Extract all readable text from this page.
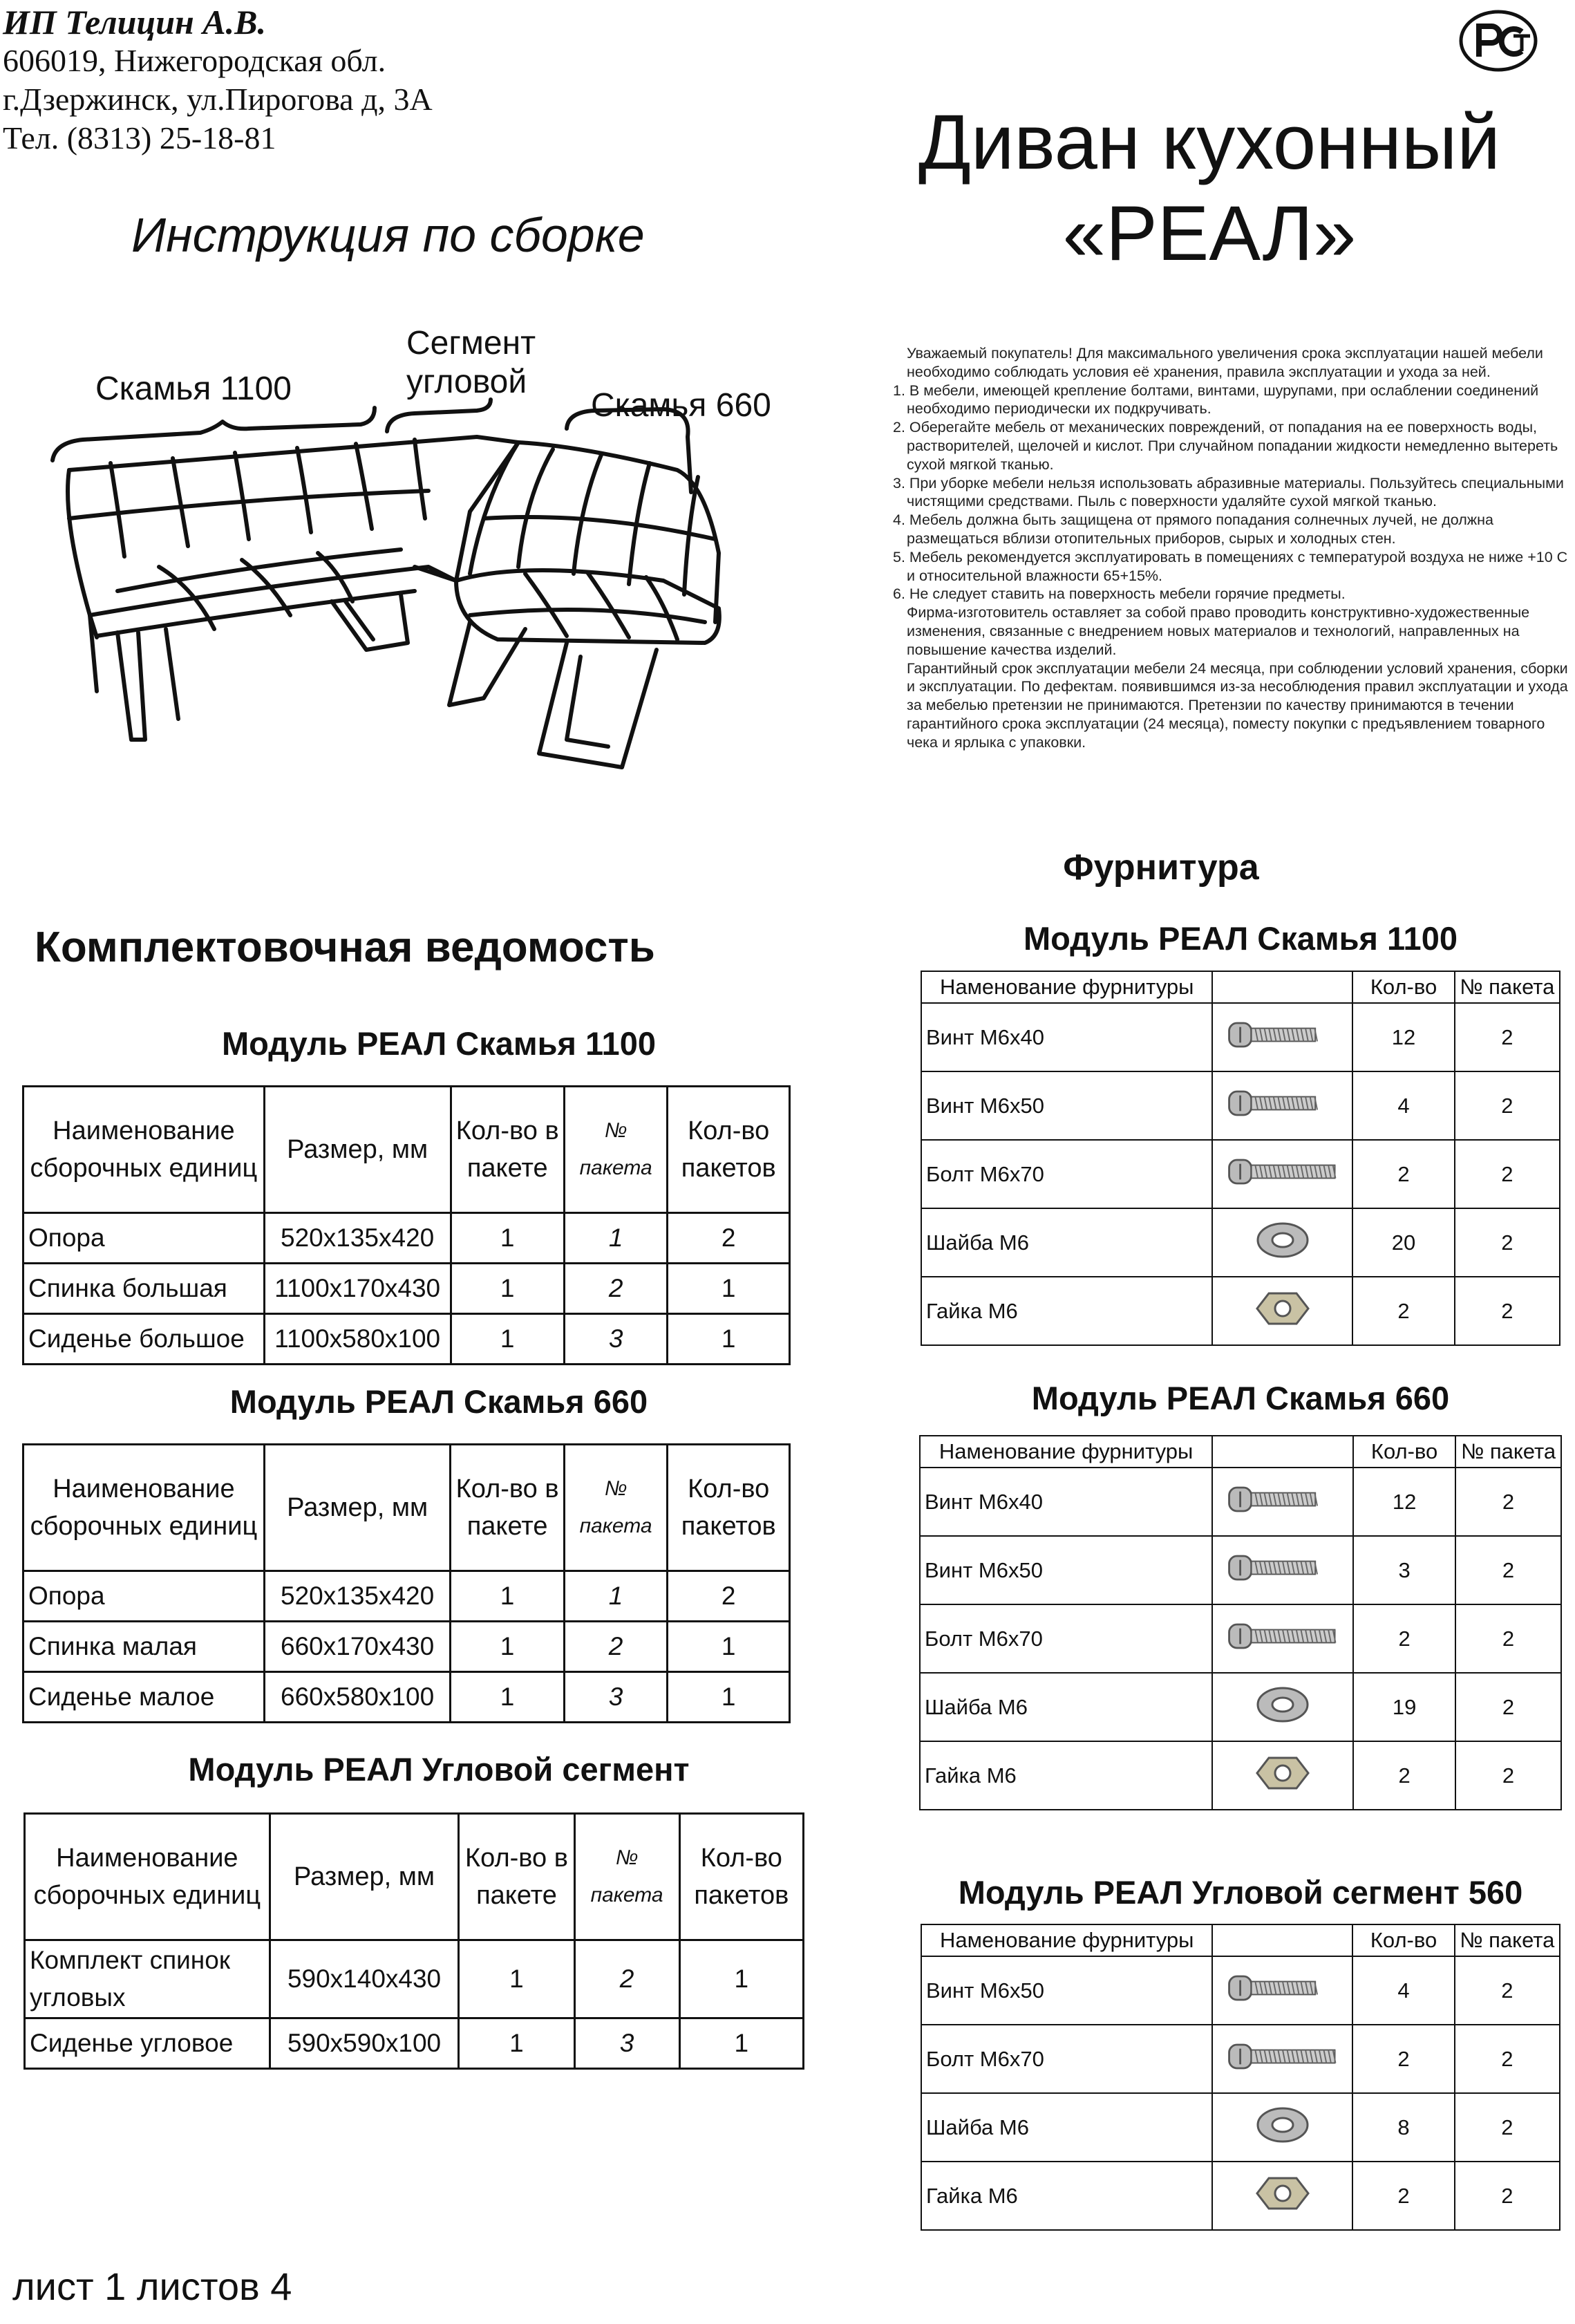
ИП Телицин А.В.
606019, Нижегородская обл.
г.Дзержинск, ул.Пирогова д, 3А
Тел. (8313) 25-18-81	Диван кухонный
«РЕАЛ»
Инструкция по сборке
Скамья 1100
Сегмент
угловой
Скамья 660

Уважаемый покупатель! Для максимального увеличения срока эксплуатации нашей мебели необходимо соблюдать условия её хранения, правила эксплуатации и ухода за ней.

1. В мебели, имеющей крепление болтами, винтами, шурупами, при ослаблении соединений необходимо периодически их подкручивать.

2. Оберегайте мебель от механических повреждений, от попадания на ее поверхность воды, растворителей, щелочей и кислот. При случайном попадании жидкости немедленно вытереть сухой мягкой тканью.

3. При уборке мебели нельзя использовать абразивные материалы. Пользуйтесь специальными чистящими средствами. Пыль с поверхности удаляйте сухой мягкой тканью.

4. Мебель должна быть защищена от прямого попадания солнечных лучей, не должна размещаться вблизи отопительных приборов, сырых и холодных стен.

5. Мебель рекомендуется эксплуатировать в помещениях с температурой воздуха не ниже +10 С и относительной влажности 65+15%.

6. Не следует ставить на поверхность мебели горячие предметы.

Фирма-изготовитель оставляет за собой право проводить конструктивно-художественные изменения, связанные с внедрением новых материалов и технологий, направленных на повышение качества изделий.

Гарантийный срок эксплуатации мебели 24 месяца, при соблюдении условий хранения, сборки и эксплуатации. По дефектам. появившимся из-за несоблюдения правил эксплуатации и ухода за мебелью претензии не принимаются. Претензии по качеству принимаются в течении гарантийного срока эксплуатации (24 месяца), поместу покупки с предъявлением товарного чека и ярлыка с упаковки.

Комплектовочная ведомость
Модуль РЕАЛ Скамья 1100
Модуль РЕАЛ Скамья 660
Модуль РЕАЛ Угловой сегмент
Наименование сборочных единиц	Размер, мм	Кол-во в пакете	№ пакета	Кол-во пакетов
Опора	520х135х420	1	1	2
Спинка большая	1100х170х430	1	2	1
Сиденье большое	1100х580х100	1	3	1
Наименование сборочных единиц	Размер, мм	Кол-во в пакете	№ пакета	Кол-во пакетов
Опора	520х135х420	1	1	2
Спинка малая	660х170х430	1	2	1
Сиденье малое	660х580х100	1	3	1
Наименование сборочных единиц	Размер, мм	Кол-во в пакете	№ пакета	Кол-во пакетов
Комплект спинок угловых	590х140х430	1	2	1
Сиденье угловое	590х590х100	1	3	1
Фурнитура
Модуль РЕАЛ Скамья 1100
Модуль РЕАЛ Скамья 660
Модуль РЕАЛ Угловой сегмент 560
Наменование фурнитуры		Кол-во	№ пакета
Винт М6х40		12	2
Винт М6х50		4	2
Болт М6х70		2	2
Шайба М6		20	2
Гайка М6		2	2
Наменование фурнитуры		Кол-во	№ пакета
Винт М6х40		12	2
Винт М6х50		3	2
Болт М6х70		2	2
Шайба М6		19	2
Гайка М6		2	2
Наменование фурнитуры		Кол-во	№ пакета
Винт М6х50		4	2
Болт М6х70		2	2
Шайба М6		8	2
Гайка М6		2	2
лист 1 листов 4
